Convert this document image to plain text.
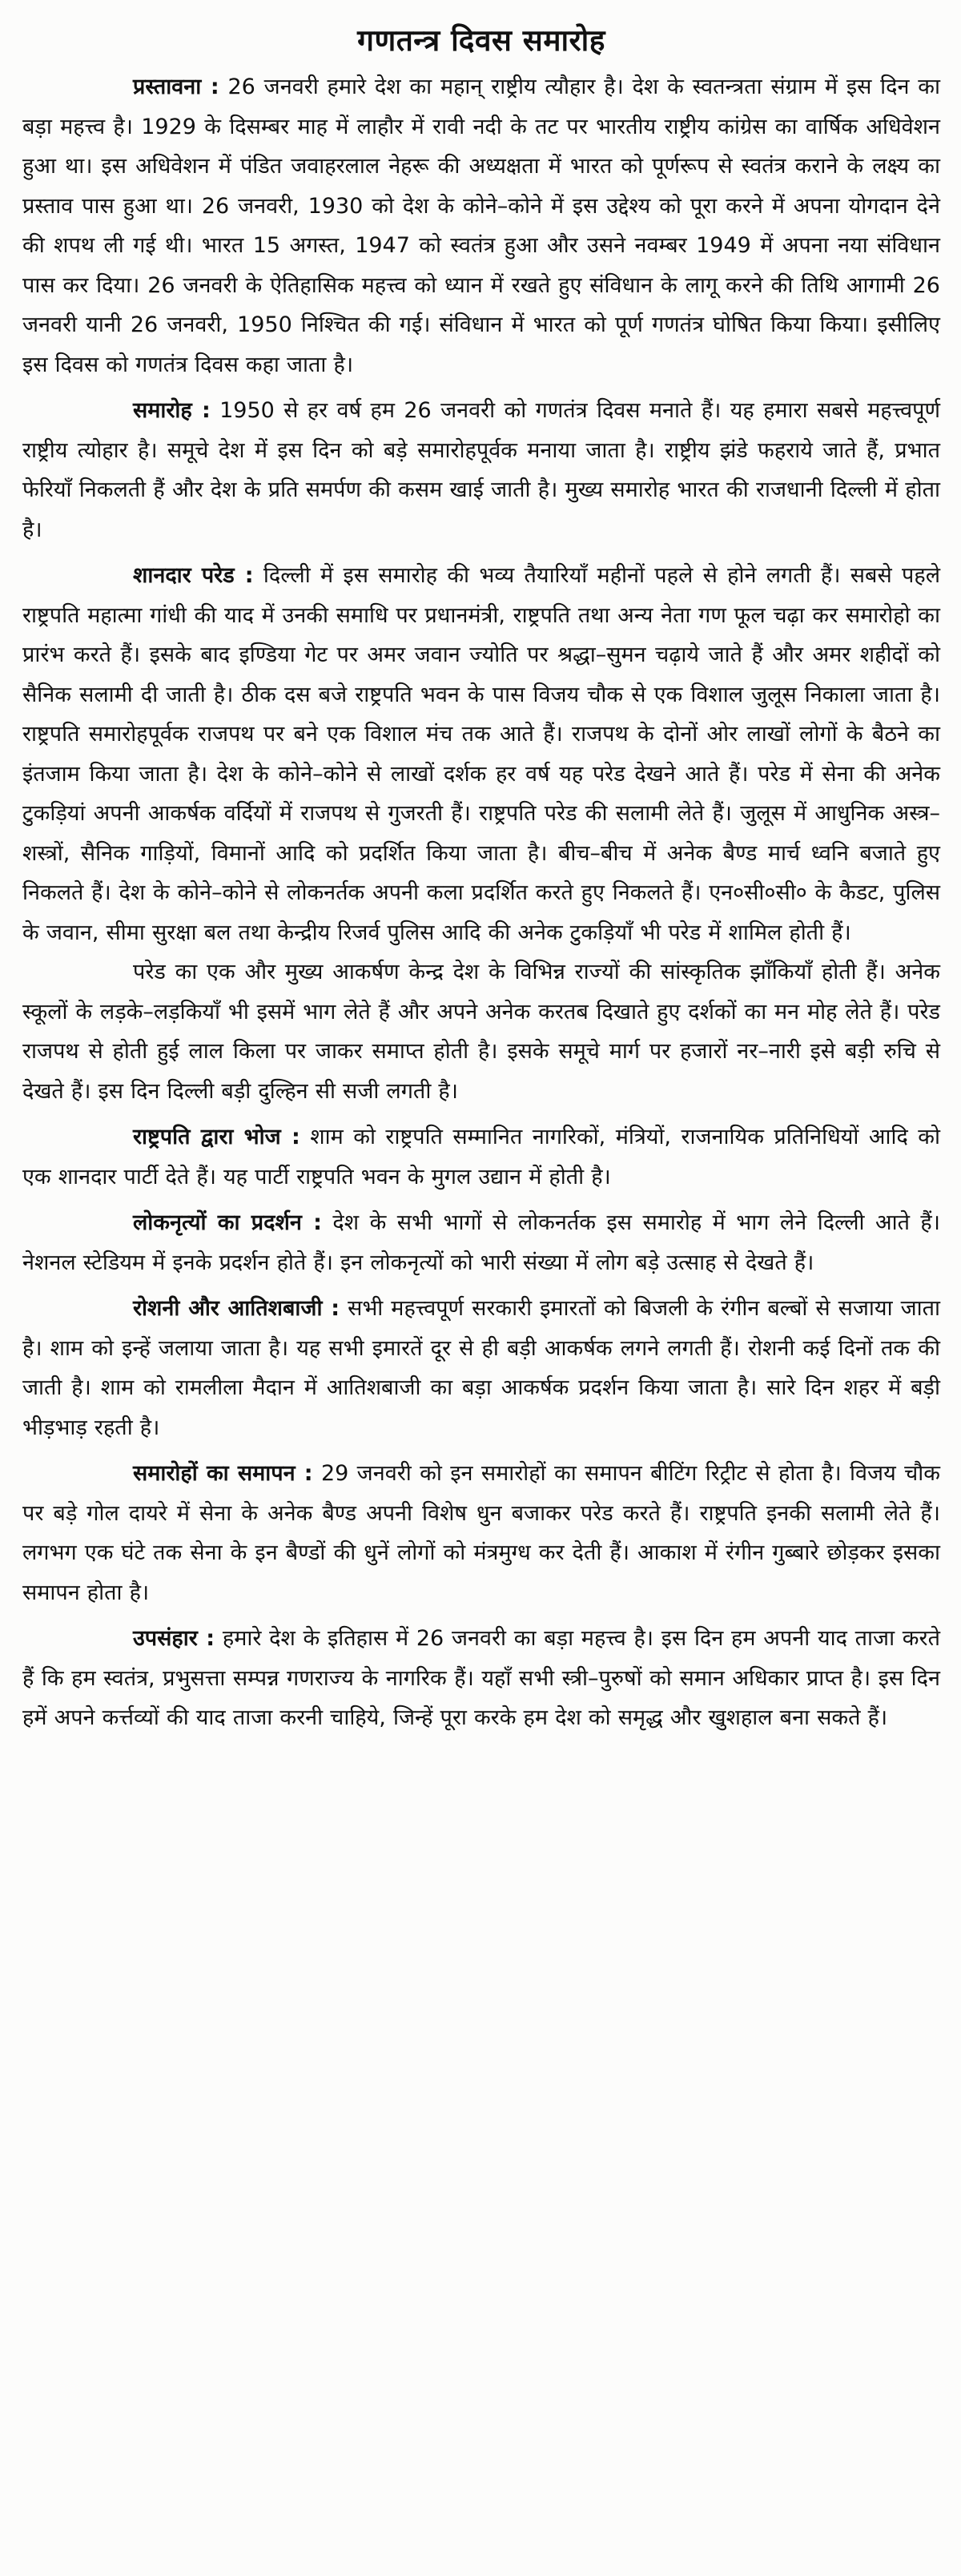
गणतन्त्र दिवस समारोह

प्रस्तावना : 26 जनवरी हमारे देश का महान् राष्ट्रीय त्यौहार है। देश के स्वतन्त्रता संग्राम में इस दिन का बड़ा महत्त्व है। 1929 के दिसम्बर माह में लाहौर में रावी नदी के तट पर भारतीय राष्ट्रीय कांग्रेस का वार्षिक अधिवेशन हुआ था। इस अधिवेशन में पंडित जवाहरलाल नेहरू की अध्यक्षता में भारत को पूर्णरूप से स्वतंत्र कराने के लक्ष्य का प्रस्ताव पास हुआ था। 26 जनवरी, 1930 को देश के कोने–कोने में इस उद्देश्य को पूरा करने में अपना योगदान देने की शपथ ली गई थी। भारत 15 अगस्त, 1947 को स्वतंत्र हुआ और उसने नवम्बर 1949 में अपना नया संविधान पास कर दिया। 26 जनवरी के ऐतिहासिक महत्त्व को ध्यान में रखते हुए संविधान के लागू करने की तिथि आगामी 26 जनवरी यानी 26 जनवरी, 1950 निश्चित की गई। संविधान में भारत को पूर्ण गणतंत्र घोषित किया किया। इसीलिए इस दिवस को गणतंत्र दिवस कहा जाता है।

समारोह : 1950 से हर वर्ष हम 26 जनवरी को गणतंत्र दिवस मनाते हैं। यह हमारा सबसे महत्त्वपूर्ण राष्ट्रीय त्योहार है। समूचे देश में इस दिन को बड़े समारोहपूर्वक मनाया जाता है। राष्ट्रीय झंडे फहराये जाते हैं, प्रभात फेरियाँ निकलती हैं और देश के प्रति समर्पण की कसम खाई जाती है। मुख्य समारोह भारत की राजधानी दिल्ली में होता है।

शानदार परेड : दिल्ली में इस समारोह की भव्य तैयारियाँ महीनों पहले से होने लगती हैं। सबसे पहले राष्ट्रपति महात्मा गांधी की याद में उनकी समाधि पर प्रधानमंत्री, राष्ट्रपति तथा अन्य नेता गण फूल चढ़ा कर समारोहो का प्रारंभ करते हैं। इसके बाद इण्डिया गेट पर अमर जवान ज्योति पर श्रद्धा–सुमन चढ़ाये जाते हैं और अमर शहीदों को सैनिक सलामी दी जाती है। ठीक दस बजे राष्ट्रपति भवन के पास विजय चौक से एक विशाल जुलूस निकाला जाता है। राष्ट्रपति समारोहपूर्वक राजपथ पर बने एक विशाल मंच तक आते हैं। राजपथ के दोनों ओर लाखों लोगों के बैठने का इंतजाम किया जाता है। देश के कोने–कोने से लाखों दर्शक हर वर्ष यह परेड देखने आते हैं। परेड में सेना की अनेक टुकड़ियां अपनी आकर्षक वर्दियों में राजपथ से गुजरती हैं। राष्ट्रपति परेड की सलामी लेते हैं। जुलूस में आधुनिक अस्त्र–शस्त्रों, सैनिक गाड़ियों, विमानों आदि को प्रदर्शित किया जाता है। बीच–बीच में अनेक बैण्ड मार्च ध्वनि बजाते हुए निकलते हैं। देश के कोने–कोने से लोकनर्तक अपनी कला प्रदर्शित करते हुए निकलते हैं। एन०सी०सी० के कैडट, पुलिस के जवान, सीमा सुरक्षा बल तथा केन्द्रीय रिजर्व पुलिस आदि की अनेक टुकड़ियाँ भी परेड में शामिल होती हैं।

परेड का एक और मुख्य आकर्षण केन्द्र देश के विभिन्न राज्यों की सांस्कृतिक झाँकियाँ होती हैं। अनेक स्कूलों के लड़के–लड़कियाँ भी इसमें भाग लेते हैं और अपने अनेक करतब दिखाते हुए दर्शकों का मन मोह लेते हैं। परेड राजपथ से होती हुई लाल किला पर जाकर समाप्त होती है। इसके समूचे मार्ग पर हजारों नर–नारी इसे बड़ी रुचि से देखते हैं। इस दिन दिल्ली बड़ी दुल्हिन सी सजी लगती है।

राष्ट्रपति द्वारा भोज : शाम को राष्ट्रपति सम्मानित नागरिकों, मंत्रियों, राजनायिक प्रतिनिधियों आदि को एक शानदार पार्टी देते हैं। यह पार्टी राष्ट्रपति भवन के मुगल उद्यान में होती है।

लोकनृत्यों का प्रदर्शन : देश के सभी भागों से लोकनर्तक इस समारोह में भाग लेने दिल्ली आते हैं। नेशनल स्टेडियम में इनके प्रदर्शन होते हैं। इन लोकनृत्यों को भारी संख्या में लोग बड़े उत्साह से देखते हैं।

रोशनी और आतिशबाजी : सभी महत्त्वपूर्ण सरकारी इमारतों को बिजली के रंगीन बल्बों से सजाया जाता है। शाम को इन्हें जलाया जाता है। यह सभी इमारतें दूर से ही बड़ी आकर्षक लगने लगती हैं। रोशनी कई दिनों तक की जाती है। शाम को रामलीला मैदान में आतिशबाजी का बड़ा आकर्षक प्रदर्शन किया जाता है। सारे दिन शहर में बड़ी भीड़भाड़ रहती है।

समारोहों का समापन : 29 जनवरी को इन समारोहों का समापन बीटिंग रिट्रीट से होता है। विजय चौक पर बड़े गोल दायरे में सेना के अनेक बैण्ड अपनी विशेष धुन बजाकर परेड करते हैं। राष्ट्रपति इनकी सलामी लेते हैं। लगभग एक घंटे तक सेना के इन बैण्डों की धुनें लोगों को मंत्रमुग्ध कर देती हैं। आकाश में रंगीन गुब्बारे छोड़कर इसका समापन होता है।

उपसंहार : हमारे देश के इतिहास में 26 जनवरी का बड़ा महत्त्व है। इस दिन हम अपनी याद ताजा करते हैं कि हम स्वतंत्र, प्रभुसत्ता सम्पन्न गणराज्य के नागरिक हैं। यहाँ सभी स्त्री–पुरुषों को समान अधिकार प्राप्त है। इस दिन हमें अपने कर्त्तव्यों की याद ताजा करनी चाहिये, जिन्हें पूरा करके हम देश को समृद्ध और खुशहाल बना सकते हैं।
